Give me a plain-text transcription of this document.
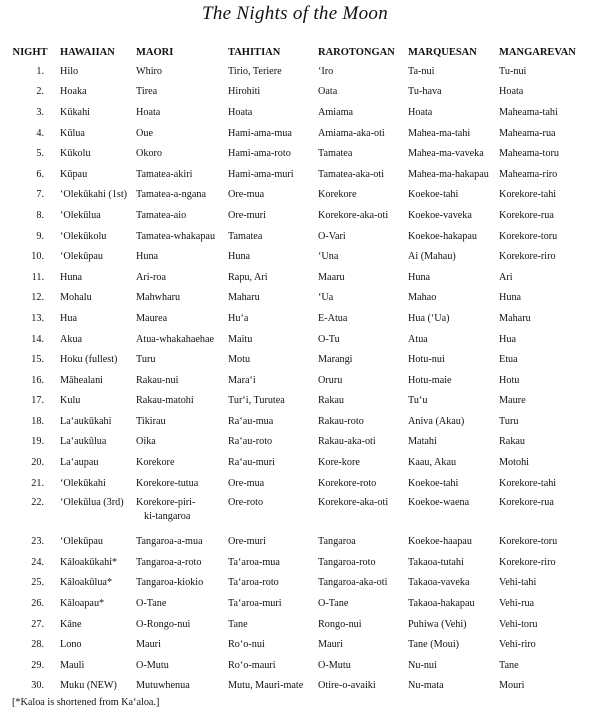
The Nights of the Moon
NIGHT	HAWAIIAN	MAORI	TAHITIAN	RAROTONGAN	MARQUESAN	MANGAREVAN
1.	Hilo	Whiro	Tirio, Teriere	‘Iro	Ta-nui	Tu-nui
2.	Hoaka	Tirea	Hirohiti	Oata	Tu-hava	Hoata
3.	Kūkahi	Hoata	Hoata	Amiama	Hoata	Maheama-tahi
4.	Kūlua	Oue	Hami-ama-mua	Amiama-aka-oti	Mahea-ma-tahi	Maheama-rua
5.	Kūkolu	Okoro	Hami-ama-roto	Tamatea	Mahea-ma-vaveka	Maheama-toru
6.	Kūpau	Tamatea-akiri	Hami-ama-muri	Tamatea-aka-oti	Mahea-ma-hakapau	Maheama-riro
7.	‘Olekūkahi (1st)	Tamatea-a-ngana	Ore-mua	Korekore	Koekoe-tahi	Korekore-tahi
8.	‘Olekūlua	Tamatea-aio	Ore-muri	Korekore-aka-oti	Koekoe-vaveka	Korekore-rua
9.	‘Olekūkolu	Tamatea-whakapau	Tamatea	O-Vari	Koekoe-hakapau	Korekore-toru
10.	‘Olekūpau	Huna	Huna	‘Una	Ai (Mahau)	Korekore-riro
11.	Huna	Ari-roa	Rapu, Ari	Maaru	Huna	Ari
12.	Mohalu	Mahwharu	Maharu	‘Ua	Mahao	Huna
13.	Hua	Maurea	Hu‘a	E-Atua	Hua (‘Ua)	Maharu
14.	Akua	Atua-whakahaehae	Maitu	O-Tu	Atua	Hua
15.	Hoku (fullest)	Turu	Motu	Marangi	Hotu-nui	Etua
16.	Māhealani	Rakau-nui	Mara‘i	Oruru	Hotu-maie	Hotu
17.	Kulu	Rakau-matohi	Tur‘i, Turutea	Rakau	Tu‘u	Maure
18.	La‘aukūkahi	Tikirau	Ra‘au-mua	Rakau-roto	Aniva (Akau)	Turu
19.	La‘aukūlua	Oika	Ra‘au-roto	Rakau-aka-oti	Matahi	Rakau
20.	La‘aupau	Korekore	Ra‘au-muri	Kore-kore	Kaau, Akau	Motohi
21.	‘Olekūkahi	Korekore-tutua	Ore-mua	Korekore-roto	Koekoe-tahi	Korekore-tahi
22.	‘Olekūlua (3rd)	Korekore-piri-
ki-tangaroa	Ore-roto	Korekore-aka-oti	Koekoe-waena	Korekore-rua
23.	‘Olekūpau	Tangaroa-a-mua	Ore-muri	Tangaroa	Koekoe-haapau	Korekore-toru
24.	Kāloakūkahi*	Tangaroa-a-roto	Ta‘aroa-mua	Tangaroa-roto	Takaoa-tutahi	Korekore-riro
25.	Kāloakūlua*	Tangaroa-kiokio	Ta‘aroa-roto	Tangaroa-aka-oti	Takaoa-vaveka	Vehi-tahi
26.	Kāloapau*	O-Tane	Ta‘aroa-muri	O-Tane	Takaoa-hakapau	Vehi-rua
27.	Kāne	O-Rongo-nui	Tane	Rongo-nui	Puhiwa (Vehi)	Vehi-toru
28.	Lono	Mauri	Ro‘o-nui	Mauri	Tane (Moui)	Vehi-riro
29.	Mauli	O-Mutu	Ro‘o-mauri	O-Mutu	Nu-nui	Tane
30.	Muku (NEW)	Mutuwhenua	Mutu, Mauri-mate	Otire-o-avaiki	Nu-mata	Mouri
[*Kaloa is shortened from Ka‘aloa.]
